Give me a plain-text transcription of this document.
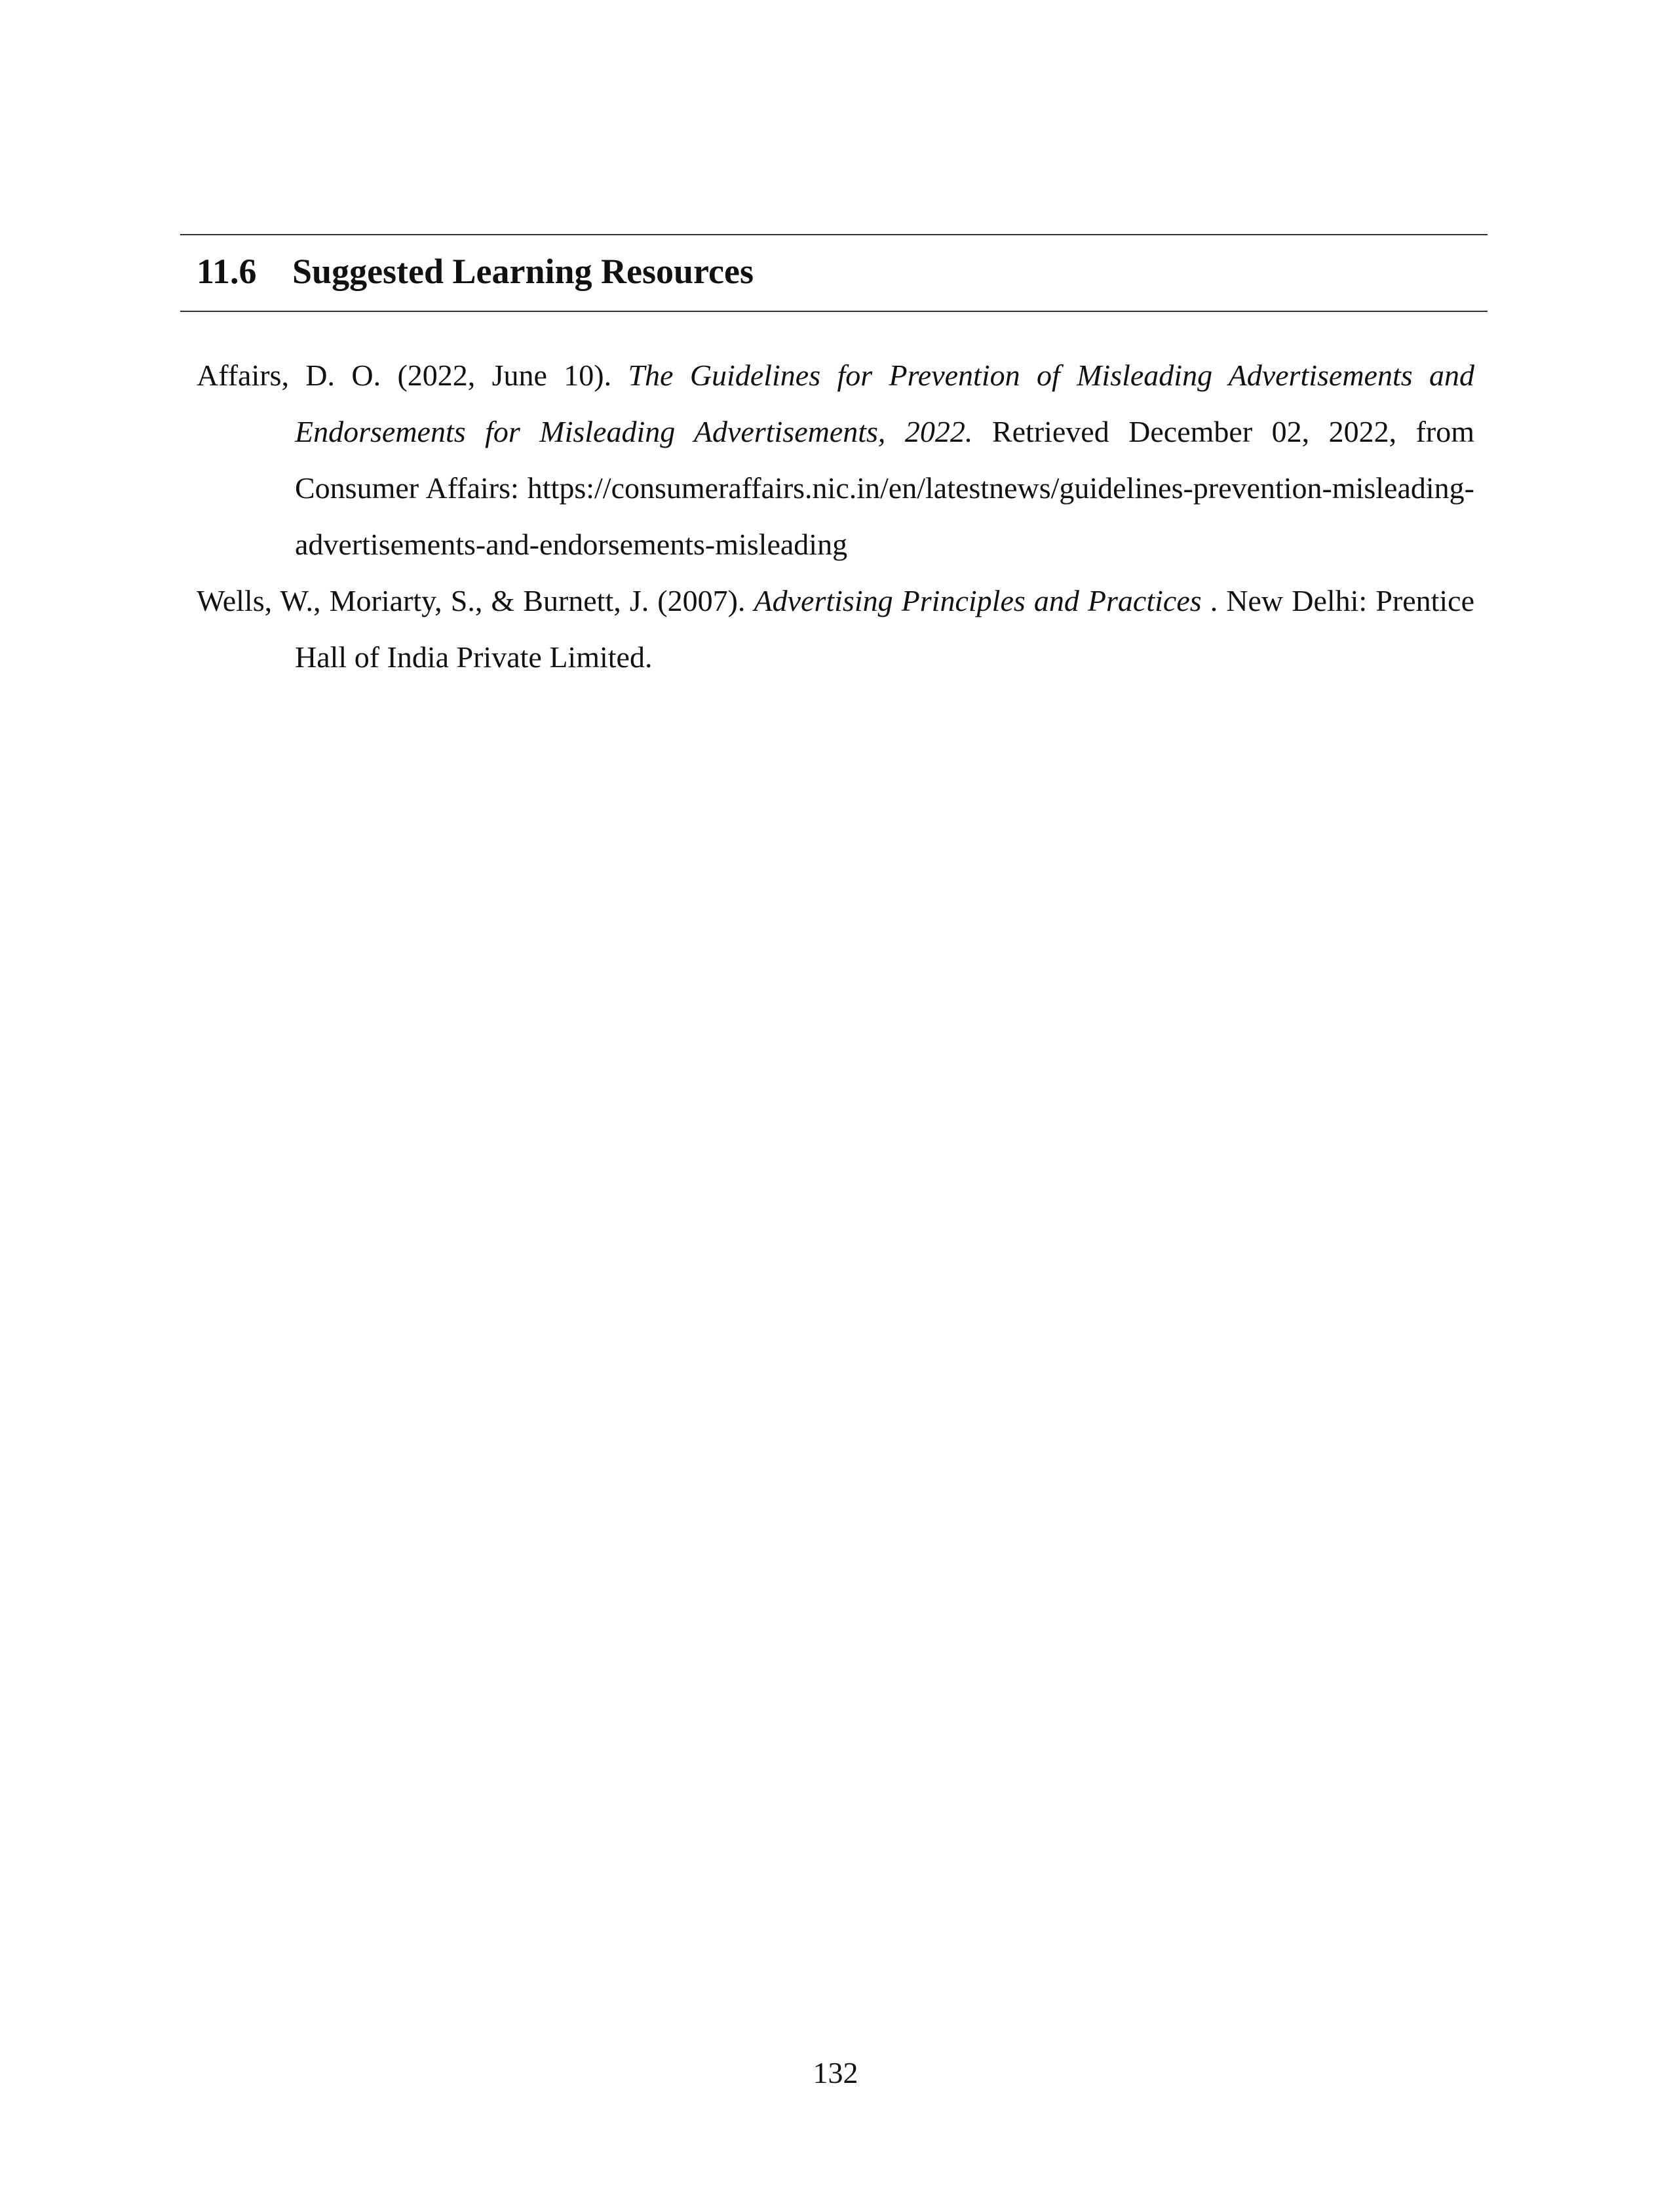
11.6 Suggested Learning Resources
Affairs, D. O. (2022, June 10). The Guidelines for Prevention of Misleading Advertisements and Endorsements for Misleading Advertisements, 2022. Retrieved December 02, 2022, from Consumer Affairs: https://consumeraffairs.nic.in/en/latestnews/guidelines-prevention-misleading-advertisements-and-endorsements-misleading
Wells, W., Moriarty, S., & Burnett, J. (2007). Advertising Principles and Practices . New Delhi: Prentice Hall of India Private Limited.
132
